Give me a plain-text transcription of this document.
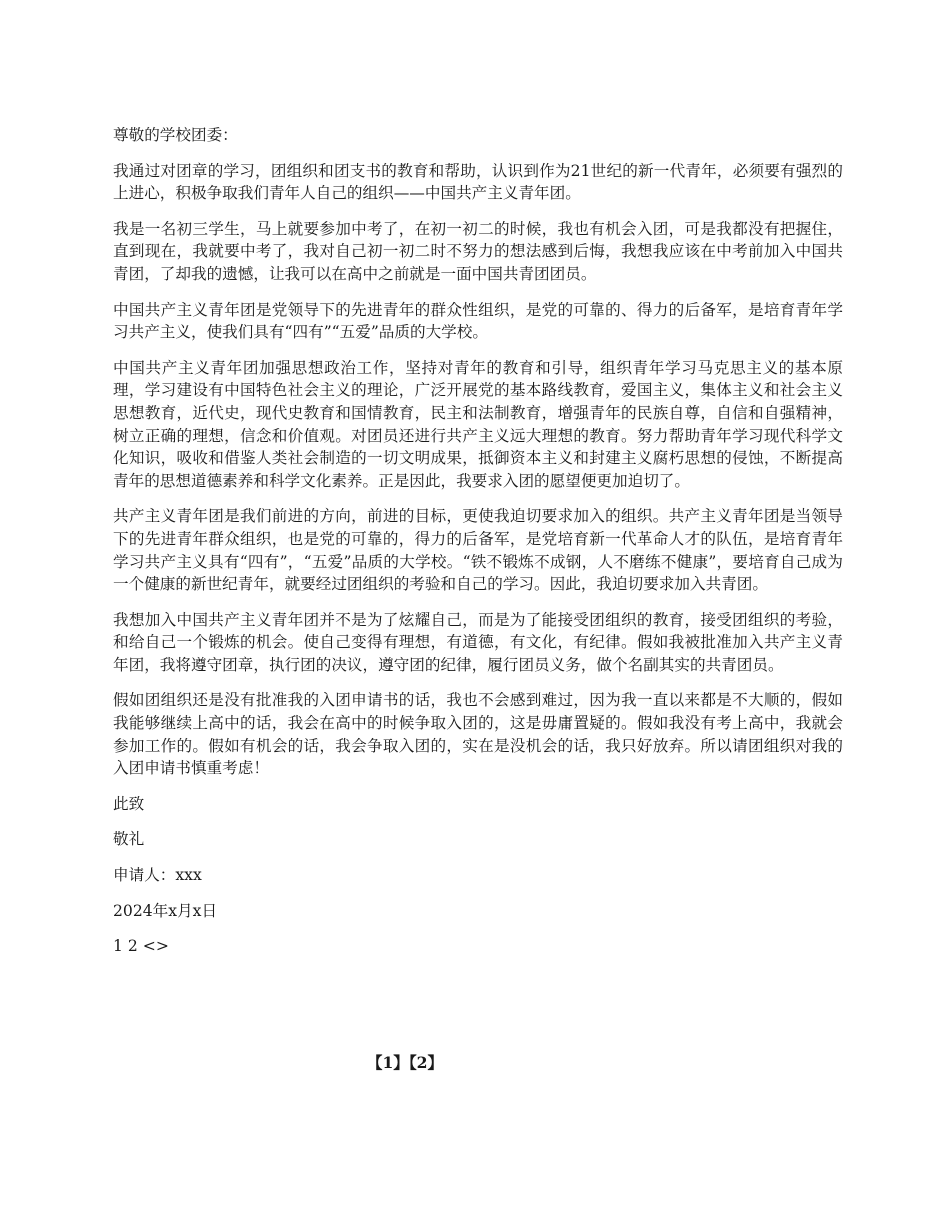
尊敬的学校团委：

我通过对团章的学习，团组织和团支书的教育和帮助，认识到作为21世纪的新一代青年，必须要有强烈的上进心，积极争取我们青年人自己的组织——中国共产主义青年团。

我是一名初三学生，马上就要参加中考了，在初一初二的时候，我也有机会入团，可是我都没有把握住，直到现在，我就要中考了，我对自己初一初二时不努力的想法感到后悔，我想我应该在中考前加入中国共青团，了却我的遗憾，让我可以在高中之前就是一面中国共青团团员。

中国共产主义青年团是党领导下的先进青年的群众性组织，是党的可靠的、得力的后备军，是培育青年学习共产主义，使我们具有“四有”“五爱”品质的大学校。

中国共产主义青年团加强思想政治工作，坚持对青年的教育和引导，组织青年学习马克思主义的基本原理，学习建设有中国特色社会主义的理论，广泛开展党的基本路线教育，爱国主义，集体主义和社会主义思想教育，近代史，现代史教育和国情教育，民主和法制教育，增强青年的民族自尊，自信和自强精神，树立正确的理想，信念和价值观。对团员还进行共产主义远大理想的教育。努力帮助青年学习现代科学文化知识，吸收和借鉴人类社会制造的一切文明成果，抵御资本主义和封建主义腐朽思想的侵蚀，不断提高青年的思想道德素养和科学文化素养。正是因此，我要求入团的愿望便更加迫切了。

共产主义青年团是我们前进的方向，前进的目标，更使我迫切要求加入的组织。共产主义青年团是当领导下的先进青年群众组织，也是党的可靠的，得力的后备军，是党培育新一代革命人才的队伍，是培育青年学习共产主义具有“四有”，“五爱”品质的大学校。“铁不锻炼不成钢，人不磨练不健康”，要培育自己成为一个健康的新世纪青年，就要经过团组织的考验和自己的学习。因此，我迫切要求加入共青团。

我想加入中国共产主义青年团并不是为了炫耀自己，而是为了能接受团组织的教育，接受团组织的考验，和给自己一个锻炼的机会。使自己变得有理想，有道德，有文化，有纪律。假如我被批准加入共产主义青年团，我将遵守团章，执行团的决议，遵守团的纪律，履行团员义务，做个名副其实的共青团员。

假如团组织还是没有批准我的入团申请书的话，我也不会感到难过，因为我一直以来都是不大顺的，假如我能够继续上高中的话，我会在高中的时候争取入团的，这是毋庸置疑的。假如我没有考上高中，我就会参加工作的。假如有机会的话，我会争取入团的，实在是没机会的话，我只好放弃。所以请团组织对我的入团申请书慎重考虑！

此致

敬礼

申请人：xxx

2024年x月x日

1 2 <>

【1】【2】
